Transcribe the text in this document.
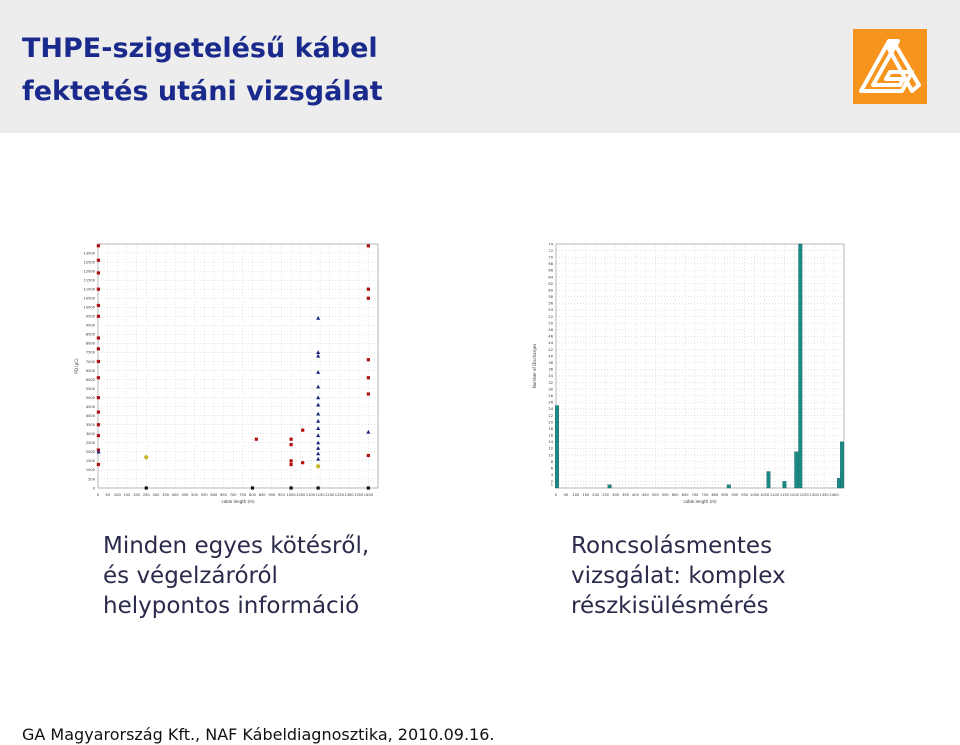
THPE-szigetelésű kábel
fektetés utáni vizsgálat
0 50 100 150 200 250 300 350 400 450 500 550 600 650 700 750 800 850 900 950 1000 1050 1100 1150 1200 1250 1300 1350 1400
0
500
1000
1500
2000
2500
3000
3500
4000
4500
5000
5500
6000
6500
7000
7500
8000
8500
9000
9500
10000
10500
11000
11500
12000
12500
13000
cable length (m)
PD (pC)
0 50 100 150 200 250 300 350 400 450 500 550 600 650 700 750 800 850 900 950 1000 1050 1100 1150 1200 1250 1300 1350 1400
1
2
4
6
8
10
12
14
16
18
20
22
24
26
28
30
32
34
36
38
40
42
44
46
48
50
52
54
56
58
60
62
64
66
68
70
72
74
cable length (m)
Number of Discharges
Minden egyes kötésről,
és végelzáróról
helypontos információ
Roncsolásmentes
vizsgálat: komplex
részkisülésmérés
GA Magyarország Kft., NAF Kábeldiagnosztika, 2010.09.16.
